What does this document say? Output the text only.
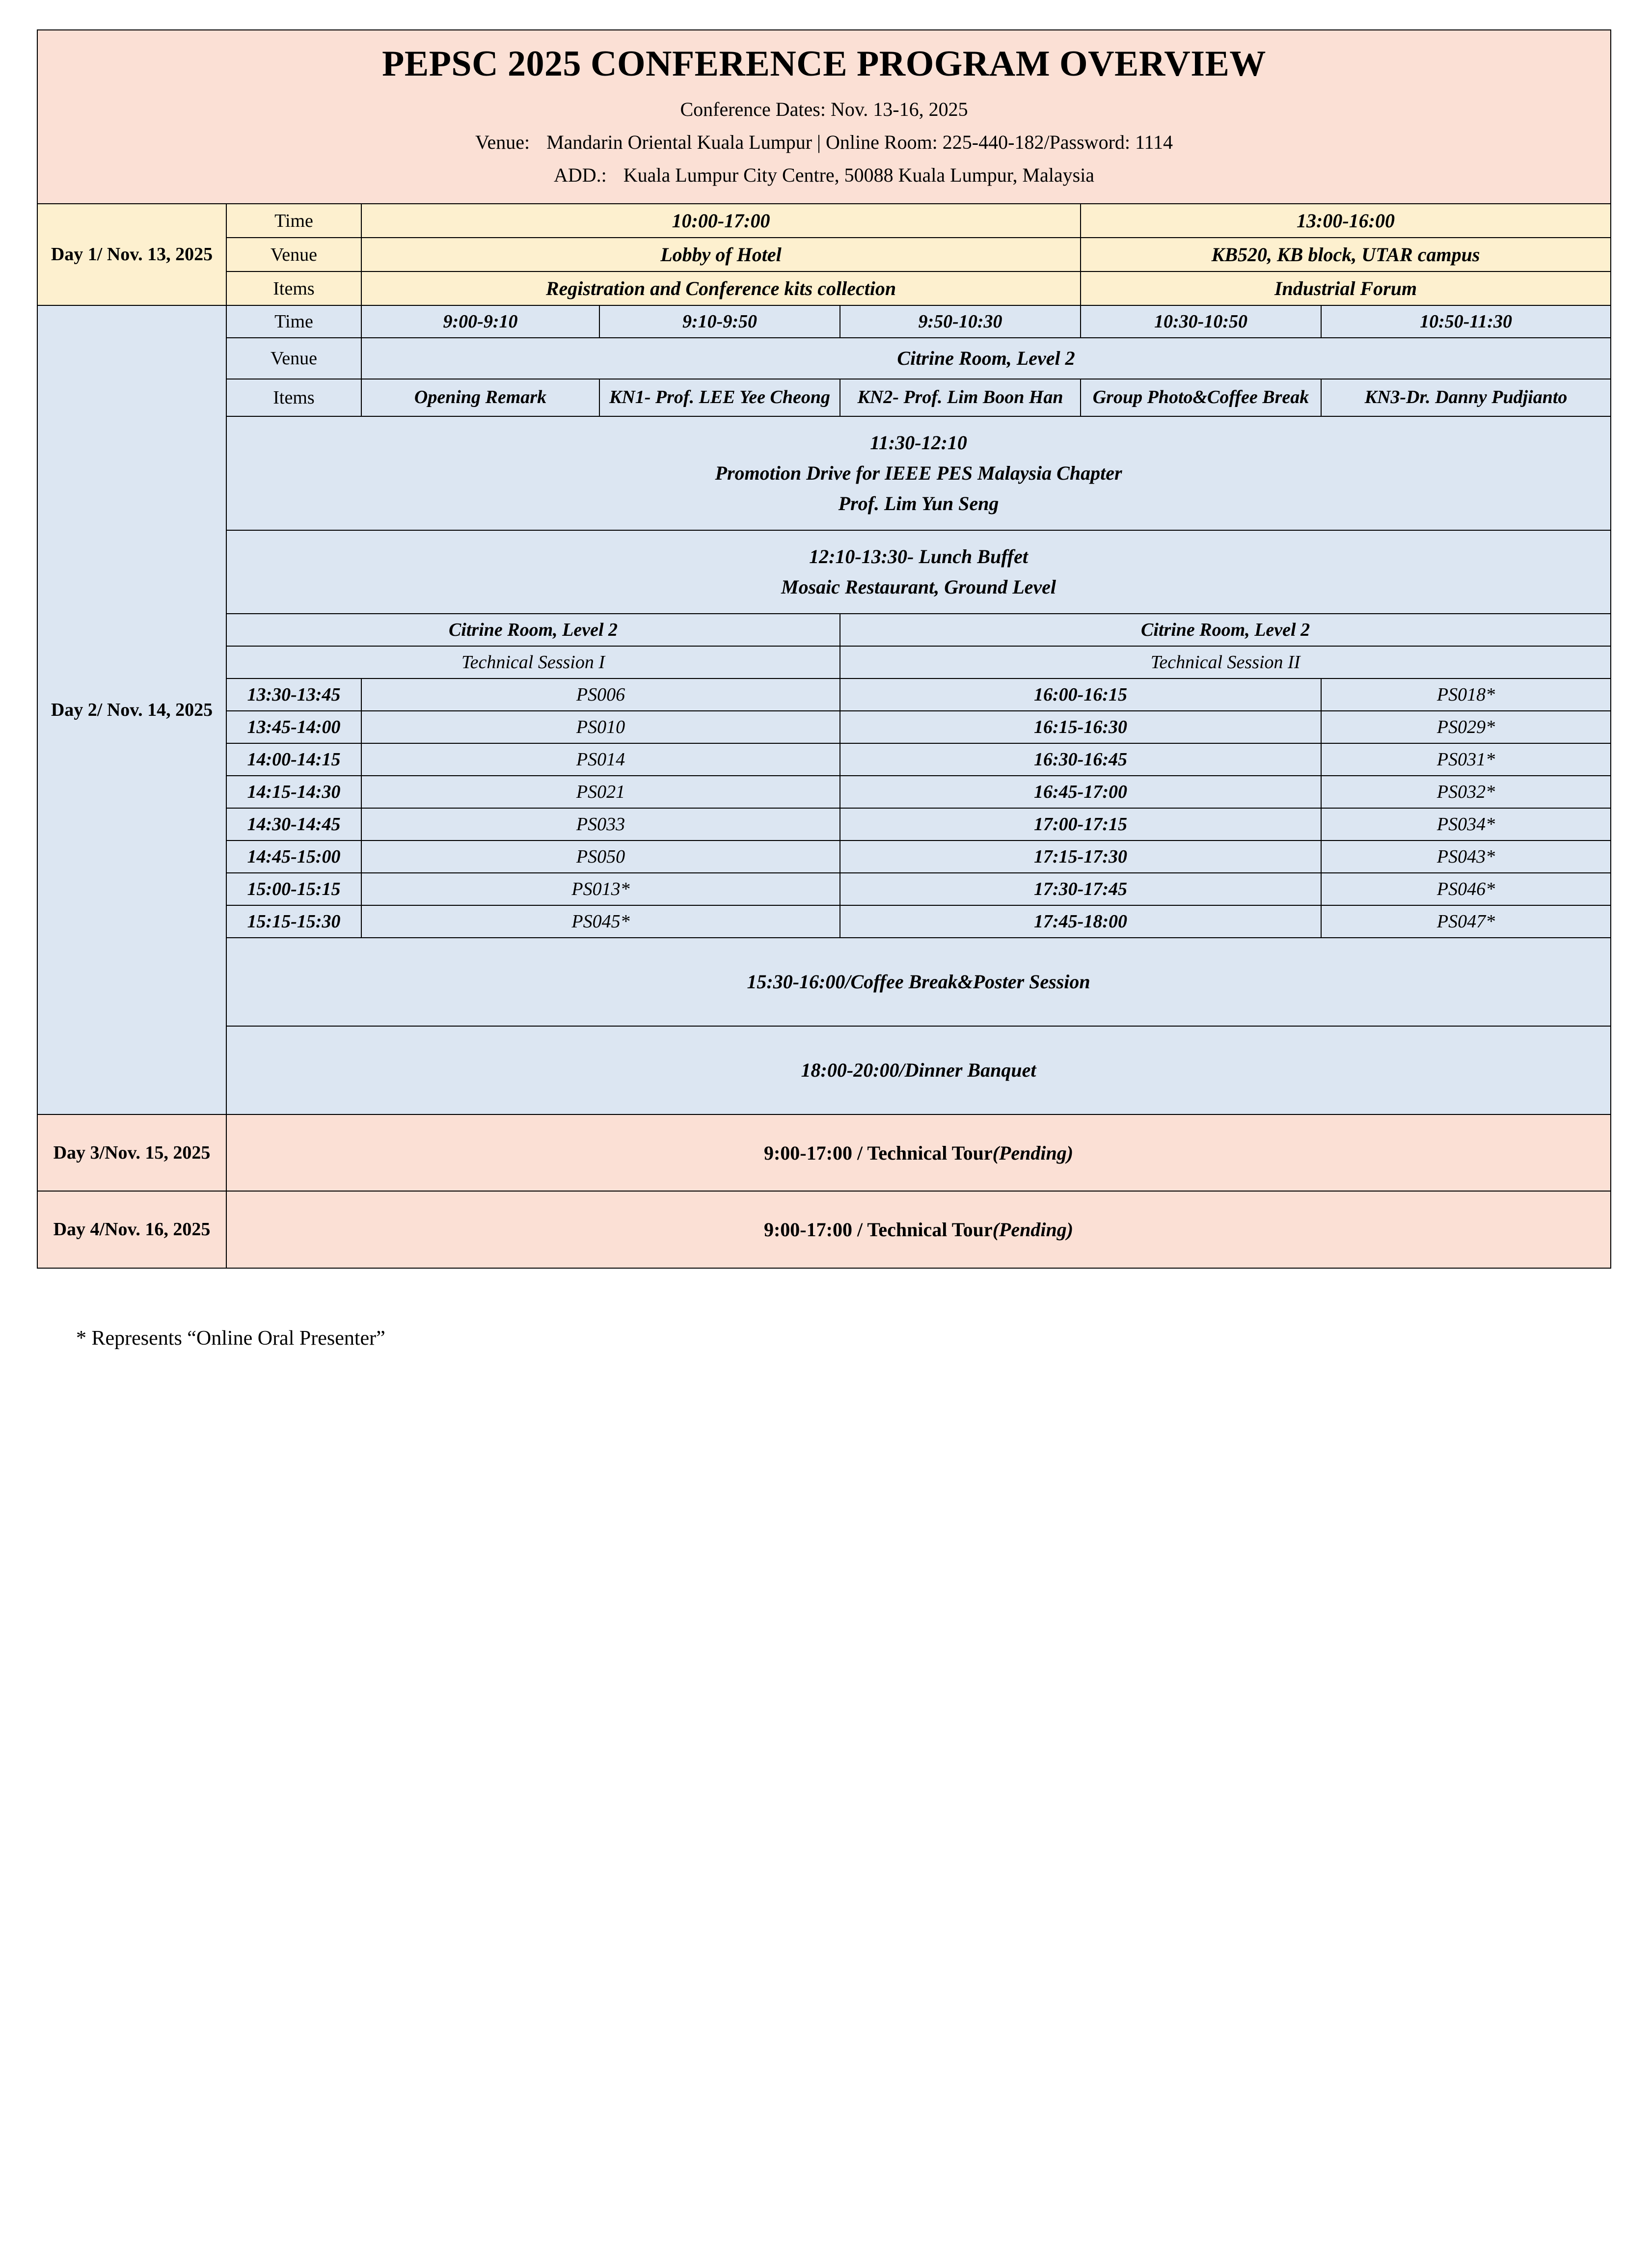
PEPSC 2025 CONFERENCE PROGRAM OVERVIEW
Conference Dates: Nov. 13-16, 2025
Venue: Mandarin Oriental Kuala Lumpur | Online Room: 225-440-182/Password: 1114
ADD.: Kuala Lumpur City Centre, 50088 Kuala Lumpur, Malaysia						

Day 1/ Nov. 13, 2025	Time	10:00-17:00			13:00-16:00	
	Venue	Lobby of Hotel			KB520, KB block, UTAR campus	
	Items	Registration and Conference kits collection			Industrial Forum	
Day 2/ Nov. 14, 2025	Time	9:00-9:10	9:10-9:50	9:50-10:30	10:30-10:50	10:50-11:30
	Venue	Citrine Room, Level 2				
	Items	Opening Remark	KN1- Prof. LEE Yee Cheong	KN2- Prof. Lim Boon Han	Group Photo&Coffee Break	KN3-Dr. Danny Pudjianto

	11:30-12:10
Promotion Drive for IEEE PES Malaysia Chapter
Prof. Lim Yun Seng					

	12:10-13:30- Lunch Buffet
Mosaic Restaurant, Ground Level					

	Citrine Room, Level 2			Citrine Room, Level 2		
	Technical Session I			Technical Session II		
	13:30-13:45	PS006		16:00-16:15		PS018*
	13:45-14:00	PS010		16:15-16:30		PS029*
	14:00-14:15	PS014		16:30-16:45		PS031*
	14:15-14:30	PS021		16:45-17:00		PS032*
	14:30-14:45	PS033		17:00-17:15		PS034*
	14:45-15:00	PS050		17:15-17:30		PS043*
	15:00-15:15	PS013*		17:30-17:45		PS046*
	15:15-15:30	PS045*		17:45-18:00		PS047*
	15:30-16:00/Coffee Break&Poster Session					
	18:00-20:00/Dinner Banquet					
Day 3/Nov. 15, 2025	9:00-17:00 / Technical Tour(Pending)					
Day 4/Nov. 16, 2025	9:00-17:00 / Technical Tour(Pending)					
* Represents “Online Oral Presenter”
